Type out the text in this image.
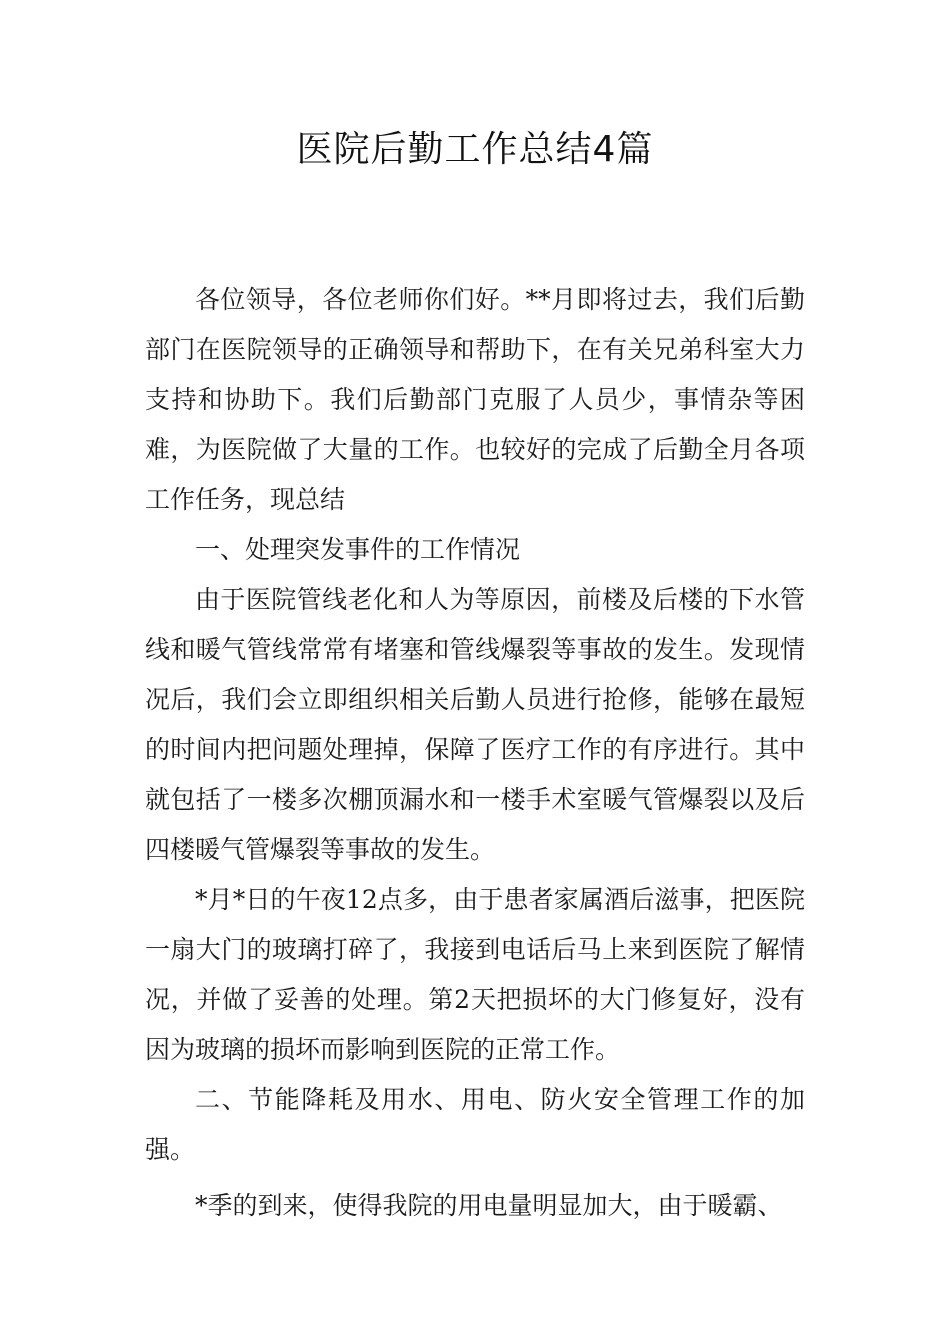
医院后勤工作总结4篇

各位领导，各位老师你们好。**月即将过去，我们后勤部门在医院领导的正确领导和帮助下，在有关兄弟科室大力支持和协助下。我们后勤部门克服了人员少，事情杂等困难，为医院做了大量的工作。也较好的完成了后勤全月各项工作任务，现总结

一、处理突发事件的工作情况

由于医院管线老化和人为等原因，前楼及后楼的下水管线和暖气管线常常有堵塞和管线爆裂等事故的发生。发现情况后，我们会立即组织相关后勤人员进行抢修，能够在最短的时间内把问题处理掉，保障了医疗工作的有序进行。其中就包括了一楼多次棚顶漏水和一楼手术室暖气管爆裂以及后四楼暖气管爆裂等事故的发生。

*月*日的午夜12点多，由于患者家属酒后滋事，把医院一扇大门的玻璃打碎了，我接到电话后马上来到医院了解情况，并做了妥善的处理。第2天把损坏的大门修复好，没有因为玻璃的损坏而影响到医院的正常工作。

二、节能降耗及用水、用电、防火安全管理工作的加强。

*季的到来，使得我院的用电量明显加大，由于暖霸、
